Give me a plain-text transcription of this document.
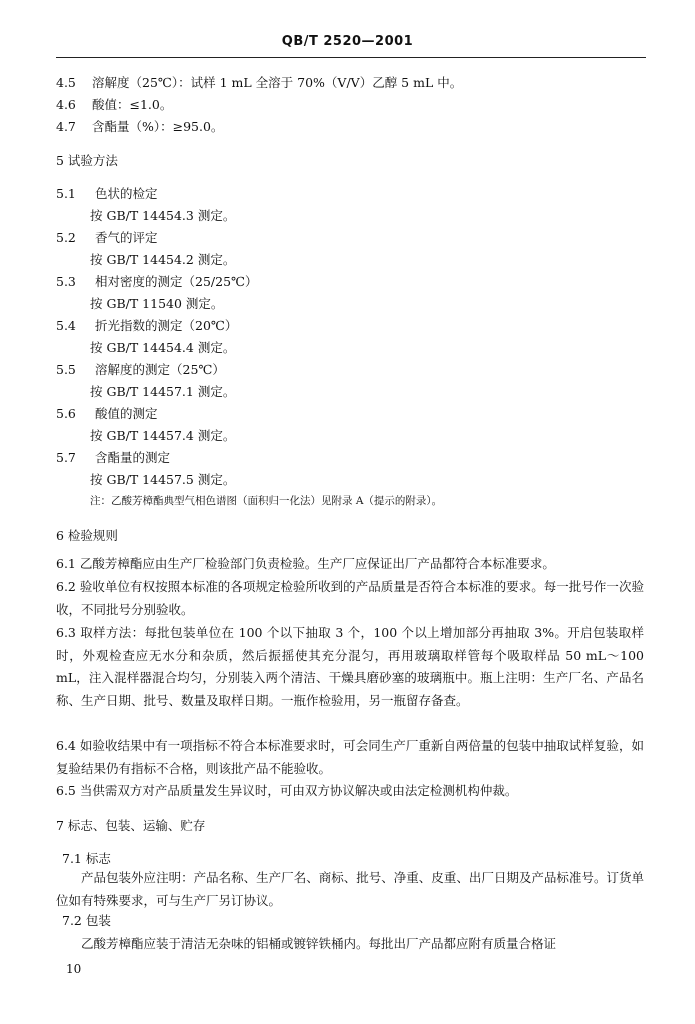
QB/T 2520—2001
4.5 溶解度（25℃）：试样 1 mL 全溶于 70%（V/V）乙醇 5 mL 中。
4.6 酸值：≤1.0。
4.7 含酯量（%）：≥95.0。
5 试验方法
5.1 色状的检定
按 GB/T 14454.3 测定。
5.2 香气的评定
按 GB/T 14454.2 测定。
5.3 相对密度的测定（25/25℃）
按 GB/T 11540 测定。
5.4 折光指数的测定（20℃）
按 GB/T 14454.4 测定。
5.5 溶解度的测定（25℃）
按 GB/T 14457.1 测定。
5.6 酸值的测定
按 GB/T 14457.4 测定。
5.7 含酯量的测定
按 GB/T 14457.5 测定。
注：乙酸芳樟酯典型气相色谱图（面积归一化法）见附录 A（提示的附录）。
6 检验规则
6.1 乙酸芳樟酯应由生产厂检验部门负责检验。生产厂应保证出厂产品都符合本标准要求。
6.2 验收单位有权按照本标准的各项规定检验所收到的产品质量是否符合本标准的要求。每一批号作一次验收，不同批号分别验收。
6.3 取样方法：每批包装单位在 100 个以下抽取 3 个，100 个以上增加部分再抽取 3%。开启包装取样时，外观检查应无水分和杂质，然后振摇使其充分混匀，再用玻璃取样管每个吸取样品 50 mL～100 mL，注入混样器混合均匀，分别装入两个清洁、干燥具磨砂塞的玻璃瓶中。瓶上注明：生产厂名、产品名称、生产日期、批号、数量及取样日期。一瓶作检验用，另一瓶留存备查。
6.4 如验收结果中有一项指标不符合本标准要求时，可会同生产厂重新自两倍量的包装中抽取试样复验，如复验结果仍有指标不合格，则该批产品不能验收。
6.5 当供需双方对产品质量发生异议时，可由双方协议解决或由法定检测机构仲裁。
7 标志、包装、运输、贮存
7.1 标志
产品包装外应注明：产品名称、生产厂名、商标、批号、净重、皮重、出厂日期及产品标准号。订货单位如有特殊要求，可与生产厂另订协议。
7.2 包装
乙酸芳樟酯应装于清洁无杂味的铝桶或镀锌铁桶内。每批出厂产品都应附有质量合格证
10
